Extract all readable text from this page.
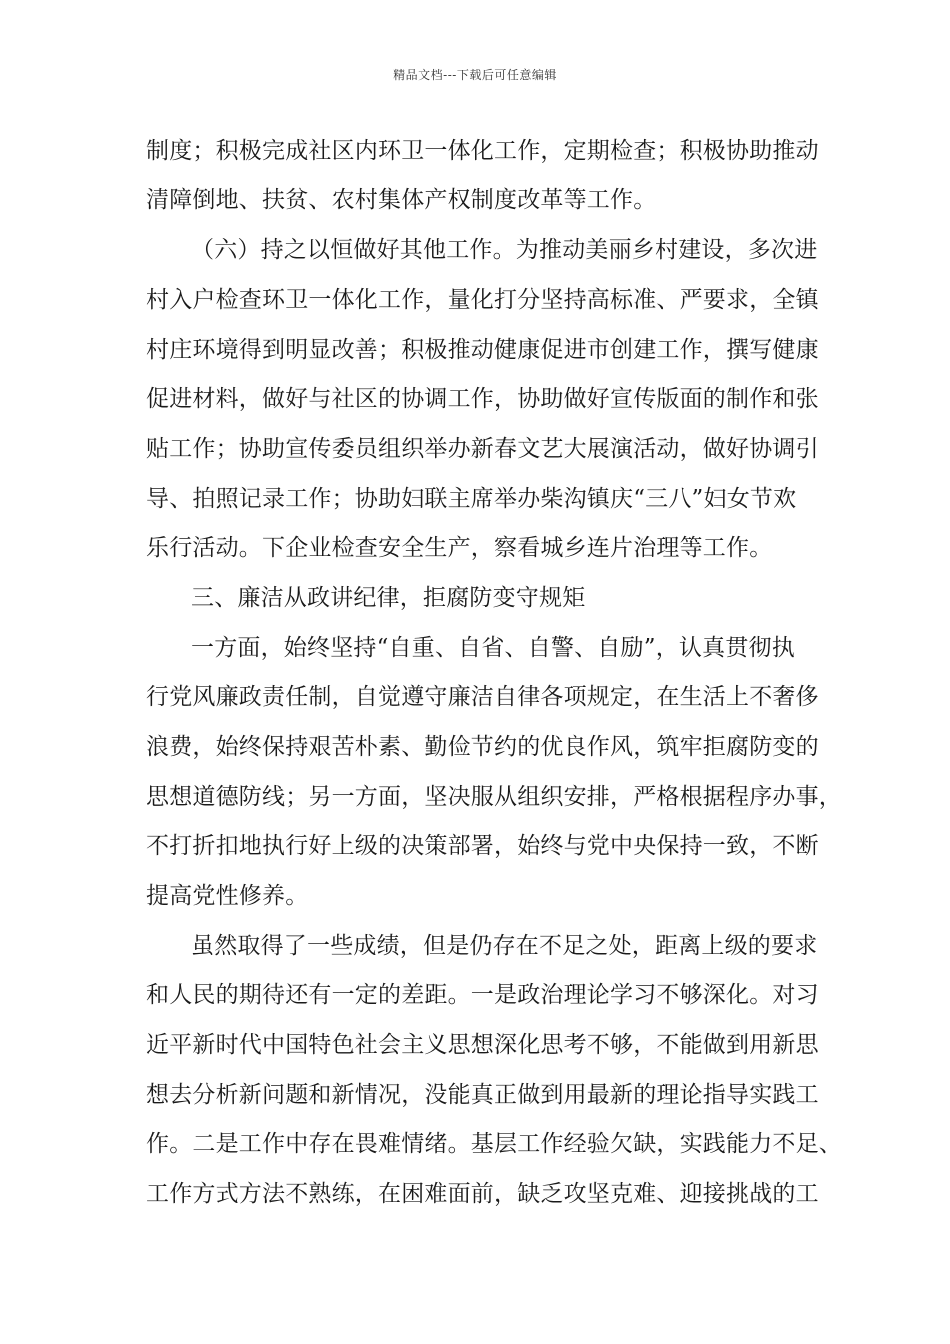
精品文档---下载后可任意编辑
制度；积极完成社区内环卫一体化工作，定期检查；积极协助推动
清障倒地、扶贫、农村集体产权制度改革等工作。
（六）持之以恒做好其他工作。为推动美丽乡村建设，多次进
村入户检查环卫一体化工作，量化打分坚持高标准、严要求，全镇
村庄环境得到明显改善；积极推动健康促进市创建工作，撰写健康
促进材料，做好与社区的协调工作，协助做好宣传版面的制作和张
贴工作；协助宣传委员组织举办新春文艺大展演活动，做好协调引
导、拍照记录工作；协助妇联主席举办柴沟镇庆“三八”妇女节欢
乐行活动。下企业检查安全生产，察看城乡连片治理等工作。
三、廉洁从政讲纪律，拒腐防变守规矩
一方面，始终坚持“自重、自省、自警、自励”，认真贯彻执
行党风廉政责任制，自觉遵守廉洁自律各项规定，在生活上不奢侈
浪费，始终保持艰苦朴素、勤俭节约的优良作风，筑牢拒腐防变的
思想道德防线；另一方面，坚决服从组织安排，严格根据程序办事，
不打折扣地执行好上级的决策部署，始终与党中央保持一致，不断
提高党性修养。
虽然取得了一些成绩，但是仍存在不足之处，距离上级的要求
和人民的期待还有一定的差距。一是政治理论学习不够深化。对习
近平新时代中国特色社会主义思想深化思考不够，不能做到用新思
想去分析新问题和新情况，没能真正做到用最新的理论指导实践工
作。二是工作中存在畏难情绪。基层工作经验欠缺，实践能力不足、
工作方式方法不熟练，在困难面前，缺乏攻坚克难、迎接挑战的工
